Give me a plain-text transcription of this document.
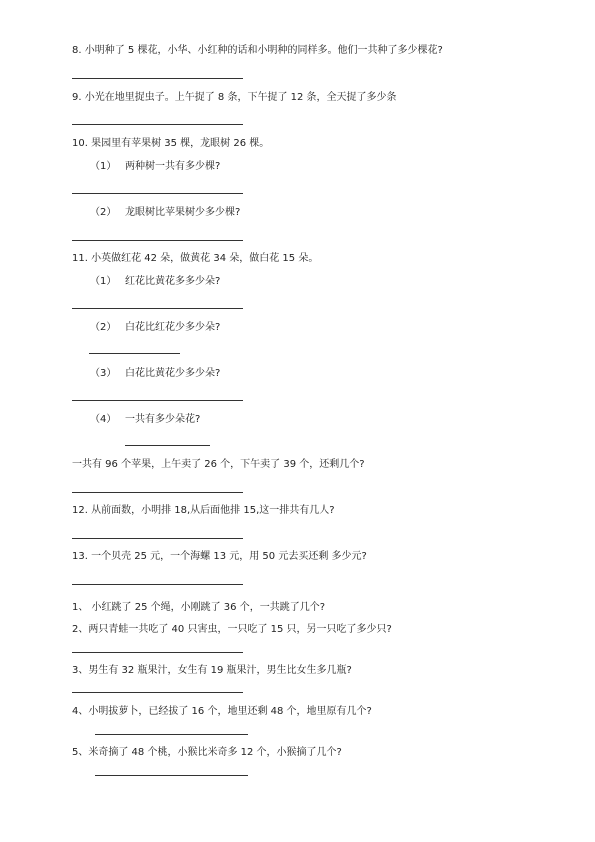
8. 小明种了 5 棵花，小华、小红种的话和小明种的同样多。他们一共种了多少棵花?
9. 小光在地里捉虫子。上午捉了 8 条，下午捉了 12 条，全天捉了多少条
10. 果园里有苹果树 35 棵，龙眼树 26 棵。
（1） 两种树一共有多少棵?
（2） 龙眼树比苹果树少多少棵?
11. 小英做红花 42 朵，做黄花 34 朵，做白花 15 朵。
（1） 红花比黄花多多少朵?
（2） 白花比红花少多少朵?
（3） 白花比黄花少多少朵?
（4） 一共有多少朵花?
一共有 96 个苹果，上午卖了 26 个，下午卖了 39 个，还剩几个?
12. 从前面数，小明排 18,从后面他排 15,这一排共有几人?
13. 一个贝壳 25 元，一个海螺 13 元，用 50 元去买还剩 多少元?
1、 小红跳了 25 个绳，小刚跳了 36 个，一共跳了几个?
2、两只青蛙一共吃了 40 只害虫，一只吃了 15 只，另一只吃了多少只?
3、男生有 32 瓶果汁，女生有 19 瓶果汁，男生比女生多几瓶?
4、小明拔萝卜，已经拔了 16 个，地里还剩 48 个，地里原有几个?
5、米奇摘了 48 个桃，小猴比米奇多 12 个，小猴摘了几个?
